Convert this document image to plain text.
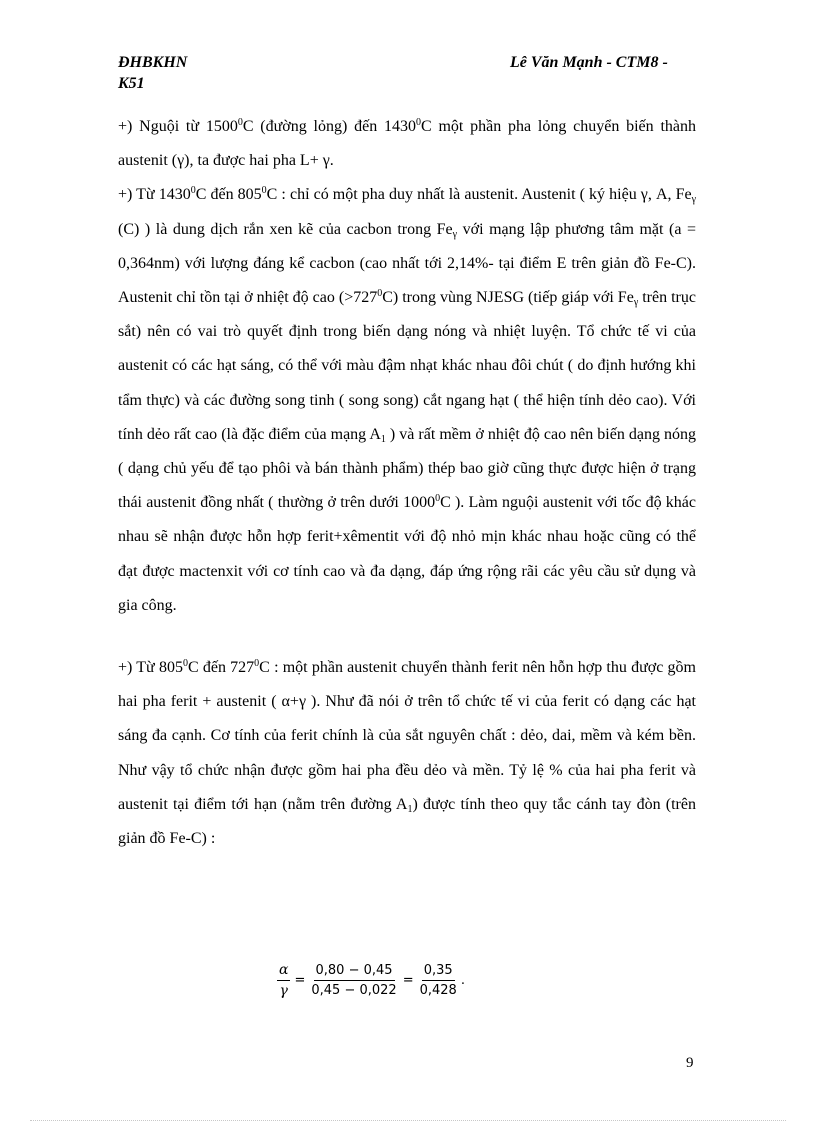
ĐHBKHN
K51
Lê Văn Mạnh - CTM8 -

+) Nguội từ 1500$^0$C (đường lỏng) đến 1430$^0$C một phần pha lỏng chuyển biến thành austenit (γ), ta được hai pha L+ γ.

+) Từ 1430$^0$C đến $805^0C$ : chỉ có một pha duy nhất là austenit. Austenit ( ký hiệu γ, A, $Fe_\gamma$ (C) ) là dung dịch rắn xen kẽ của cacbon trong $Fe_\gamma$ với mạng lập phương tâm mặt (a = 0,364nm) với lượng đáng kể cacbon (cao nhất tới 2,14%- tại điểm E trên giản đồ Fe-C). Austenit chỉ tồn tại ở nhiệt độ cao $(>727^0C)$ trong vùng NJESG (tiếp giáp với $Fe_\gamma$ trên trục sắt) nên có vai trò quyết định trong biến dạng nóng và nhiệt luyện. Tổ chức tế vi của austenit có các hạt sáng, có thể với màu đậm nhạt khác nhau đôi chút ( do định hướng khi tẩm thực) và các đường song tinh ( song song) cắt ngang hạt ( thể hiện tính dẻo cao). Với tính dẻo rất cao (là đặc điểm của mạng $A_1$ ) và rất mềm ở nhiệt độ cao nên biến dạng nóng ( dạng chủ yếu để tạo phôi và bán thành phẩm) thép bao giờ cũng thực được hiện ở trạng thái austenit đồng nhất ( thường ở trên dưới 1000$^0$C ). Làm nguội austenit với tốc độ khác nhau sẽ nhận được hỗn hợp ferit+xêmentit với độ nhỏ mịn khác nhau hoặc cũng có thể đạt được mactenxit với cơ tính cao và đa dạng, đáp ứng rộng rãi các yêu cầu sử dụng và gia công.

+) Từ $805^0C$ đến $727^0C$ : một phần austenit chuyển thành ferit nên hỗn hợp thu được gồm hai pha ferit + austenit ( α+γ ). Như đã nói ở trên tổ chức tế vi của ferit có dạng các hạt sáng đa cạnh. Cơ tính của ferit chính là của sắt nguyên chất : dẻo, dai, mềm và kém bền. Như vậy tổ chức nhận được gồm hai pha đều dẻo và mền. Tỷ lệ % của hai pha ferit và austenit tại điểm tới hạn (nằm trên đường $A_1$) được tính theo quy tắc cánh tay đòn (trên giản đồ Fe-C) :

$\frac{\alpha}{\gamma} = \frac{0,80 - 0,45}{0,45 - 0,022} = \frac{0,35}{0,428}$ .
9
